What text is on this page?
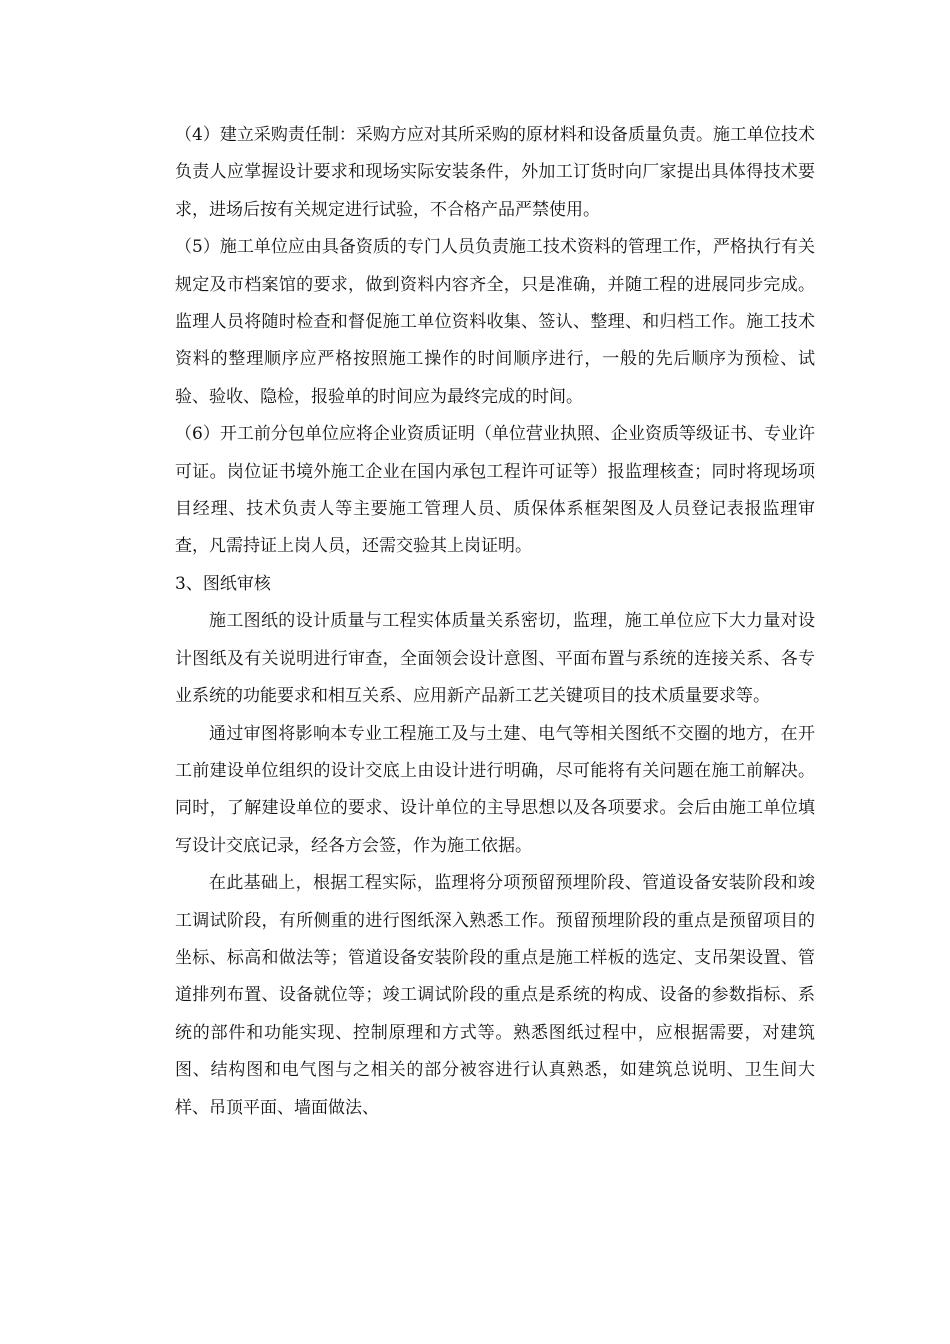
（4）建立采购责任制：采购方应对其所采购的原材料和设备质量负责。施工单位技术负责人应掌握设计要求和现场实际安装条件，外加工订货时向厂家提出具体得技术要求，进场后按有关规定进行试验，不合格产品严禁使用。

（5）施工单位应由具备资质的专门人员负责施工技术资料的管理工作，严格执行有关规定及市档案馆的要求，做到资料内容齐全，只是准确，并随工程的进展同步完成。监理人员将随时检查和督促施工单位资料收集、签认、整理、和归档工作。施工技术资料的整理顺序应严格按照施工操作的时间顺序进行，一般的先后顺序为预检、试验、验收、隐检，报验单的时间应为最终完成的时间。

（6）开工前分包单位应将企业资质证明（单位营业执照、企业资质等级证书、专业许可证。岗位证书境外施工企业在国内承包工程许可证等）报监理核查；同时将现场项目经理、技术负责人等主要施工管理人员、质保体系框架图及人员登记表报监理审查，凡需持证上岗人员，还需交验其上岗证明。

3、图纸审核

施工图纸的设计质量与工程实体质量关系密切，监理，施工单位应下大力量对设计图纸及有关说明进行审查，全面领会设计意图、平面布置与系统的连接关系、各专业系统的功能要求和相互关系、应用新产品新工艺关键项目的技术质量要求等。

通过审图将影响本专业工程施工及与土建、电气等相关图纸不交圈的地方，在开工前建设单位组织的设计交底上由设计进行明确，尽可能将有关问题在施工前解决。同时，了解建设单位的要求、设计单位的主导思想以及各项要求。会后由施工单位填写设计交底记录，经各方会签，作为施工依据。

在此基础上，根据工程实际，监理将分项预留预埋阶段、管道设备安装阶段和竣工调试阶段，有所侧重的进行图纸深入熟悉工作。预留预埋阶段的重点是预留项目的坐标、标高和做法等；管道设备安装阶段的重点是施工样板的选定、支吊架设置、管道排列布置、设备就位等；竣工调试阶段的重点是系统的构成、设备的参数指标、系统的部件和功能实现、控制原理和方式等。熟悉图纸过程中，应根据需要，对建筑图、结构图和电气图与之相关的部分被容进行认真熟悉，如建筑总说明、卫生间大样、吊顶平面、墙面做法、
